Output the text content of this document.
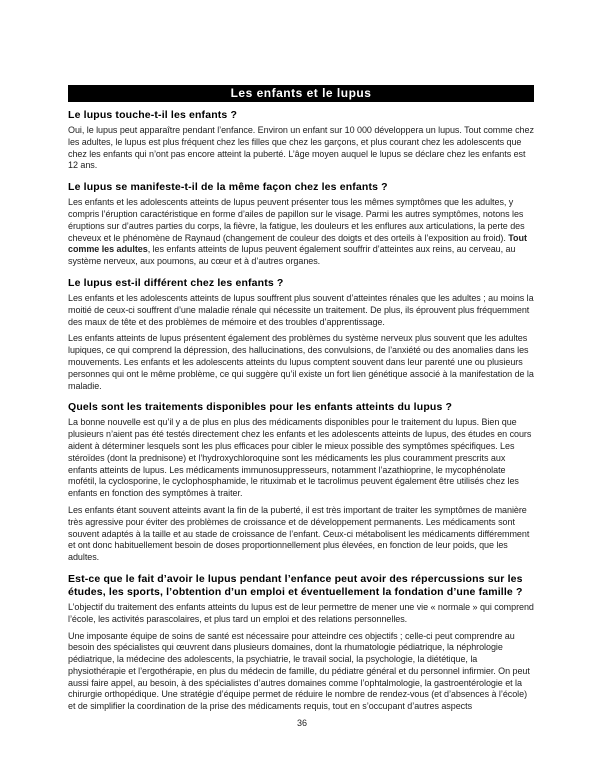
Les enfants et le lupus
Le lupus touche-t-il les enfants ?

Oui, le lupus peut apparaître pendant l’enfance. Environ un enfant sur 10 000 développera un lupus. Tout comme chez les adultes, le lupus est plus fréquent chez les filles que chez les garçons, et plus courant chez les adolescents que chez les enfants qui n’ont pas encore atteint la puberté. L’âge moyen auquel le lupus se déclare chez les enfants est 12 ans.

Le lupus se manifeste-t-il de la même façon chez les enfants ?

Les enfants et les adolescents atteints de lupus peuvent présenter tous les mêmes symptômes que les adultes, y compris l’éruption caractéristique en forme d’ailes de papillon sur le visage. Parmi les autres symptômes, notons les éruptions sur d’autres parties du corps, la fièvre, la fatigue, les douleurs et les enflures aux articulations, la perte des cheveux et le phénomène de Raynaud (changement de couleur des doigts et des orteils à l’exposition au froid). Tout comme les adultes, les enfants atteints de lupus peuvent également souffrir d’atteintes aux reins, au cerveau, au système nerveux, aux poumons, au cœur et à d’autres organes.

Le lupus est-il différent chez les enfants ?

Les enfants et les adolescents atteints de lupus souffrent plus souvent d’atteintes rénales que les adultes ; au moins la moitié de ceux-ci souffrent d’une maladie rénale qui nécessite un traitement. De plus, ils éprouvent plus fréquemment des maux de tête et des problèmes de mémoire et des troubles d’apprentissage.

Les enfants atteints de lupus présentent également des problèmes du système nerveux plus souvent que les adultes lupiques, ce qui comprend la dépression, des hallucinations, des convulsions, de l’anxiété ou des anomalies dans les mouvements. Les enfants et les adolescents atteints du lupus comptent souvent dans leur parenté une ou plusieurs personnes qui ont le même problème, ce qui suggère qu’il existe un fort lien génétique associé à la manifestation de la maladie.

Quels sont les traitements disponibles pour les enfants atteints du lupus ?

La bonne nouvelle est qu’il y a de plus en plus des médicaments disponibles pour le traitement du lupus. Bien que plusieurs n’aient pas été testés directement chez les enfants et les adolescents atteints de lupus, des études en cours aident à déterminer lesquels sont les plus efficaces pour cibler le mieux possible des symptômes spécifiques. Les stéroïdes (dont la prednisone) et l’hydroxychloroquine sont les médicaments les plus couramment prescrits aux enfants atteints de lupus. Les médicaments immunosuppresseurs, notamment l’azathioprine, le mycophénolate mofétil, la cyclosporine, le cyclophosphamide, le rituximab et le tacrolimus peuvent également être utilisés chez les enfants en fonction des symptômes à traiter.

Les enfants étant souvent atteints avant la fin de la puberté, il est très important de traiter les symptômes de manière très agressive pour éviter des problèmes de croissance et de développement permanents. Les médicaments sont souvent adaptés à la taille et au stade de croissance de l’enfant. Ceux-ci métabolisent les médicaments différemment et ont donc habituellement besoin de doses proportionnellement plus élevées, en fonction de leur poids, que les adultes.

Est-ce que le fait d’avoir le lupus pendant l’enfance peut avoir des répercussions sur les études, les sports, l’obtention d’un emploi et éventuellement la fondation d’une famille ?

L’objectif du traitement des enfants atteints du lupus est de leur permettre de mener une vie « normale » qui comprend l’école, les activités parascolaires, et plus tard un emploi et des relations personnelles.

Une imposante équipe de soins de santé est nécessaire pour atteindre ces objectifs ; celle-ci peut comprendre au besoin des spécialistes qui œuvrent dans plusieurs domaines, dont la rhumatologie pédiatrique, la néphrologie pédiatrique, la médecine des adolescents, la psychiatrie, le travail social, la psychologie, la diététique, la physiothérapie et l’ergothérapie, en plus du médecin de famille, du pédiatre général et du personnel infirmier. On peut aussi faire appel, au besoin, à des spécialistes d’autres domaines comme l’ophtalmologie, la gastroentérologie et la chirurgie orthopédique. Une stratégie d’équipe permet de réduire le nombre de rendez-vous (et d’absences à l’école) et de simplifier la coordination de la prise des médicaments requis, tout en s’occupant d’autres aspects

36
